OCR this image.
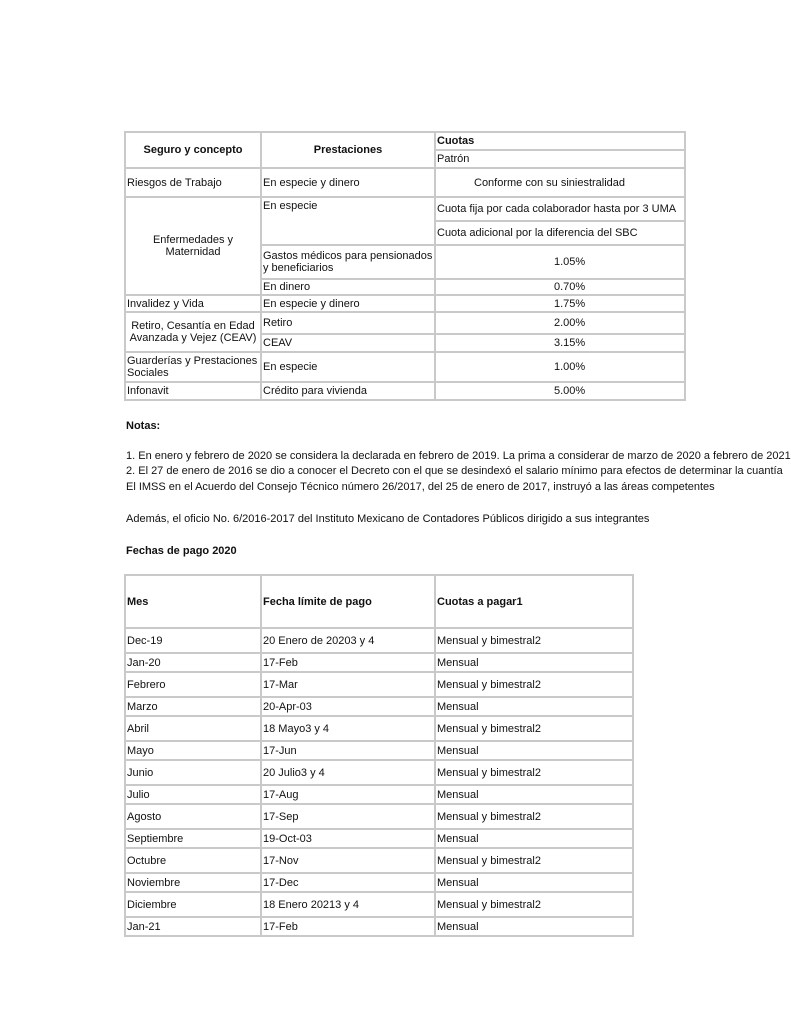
Seguro y concepto	Prestaciones	Cuotas
		Patrón
Riesgos de Trabajo	En especie y dinero	Conforme con su siniestralidad
Enfermedades y Maternidad	En especie	Cuota fija por cada colaborador hasta por 3 UMA
		Cuota adicional por la diferencia del SBC
	Gastos médicos para pensionados y beneficiarios	1.05%
	En dinero	0.70%
Invalidez y Vida	En especie y dinero	1.75%
Retiro, Cesantía en Edad Avanzada y Vejez (CEAV)	Retiro	2.00%
	CEAV	3.15%
Guarderías y Prestaciones Sociales	En especie	1.00%
Infonavit	Crédito para vivienda	5.00%
Notas:
1. En enero y febrero de 2020 se considera la declarada en febrero de 2019. La prima a considerar de marzo de 2020 a febrero de 2021
2. El 27 de enero de 2016 se dio a conocer el Decreto con el que se desindexó el salario mínimo para efectos de determinar la cuantía
El IMSS en el Acuerdo del Consejo Técnico número 26/2017, del 25 de enero de 2017, instruyó a las áreas competentes
Además, el oficio No. 6/2016-2017 del Instituto Mexicano de Contadores Públicos dirigido a sus integrantes
Fechas de pago 2020
Mes	Fecha límite de pago	Cuotas a pagar1
Dec-19	20 Enero de 20203 y 4	Mensual y bimestral2
Jan-20	17-Feb	Mensual
Febrero	17-Mar	Mensual y bimestral2
Marzo	20-Apr-03	Mensual
Abril	18 Mayo3 y 4	Mensual y bimestral2
Mayo	17-Jun	Mensual
Junio	20 Julio3 y 4	Mensual y bimestral2
Julio	17-Aug	Mensual
Agosto	17-Sep	Mensual y bimestral2
Septiembre	19-Oct-03	Mensual
Octubre	17-Nov	Mensual y bimestral2
Noviembre	17-Dec	Mensual
Diciembre	18 Enero 20213 y 4	Mensual y bimestral2
Jan-21	17-Feb	Mensual
